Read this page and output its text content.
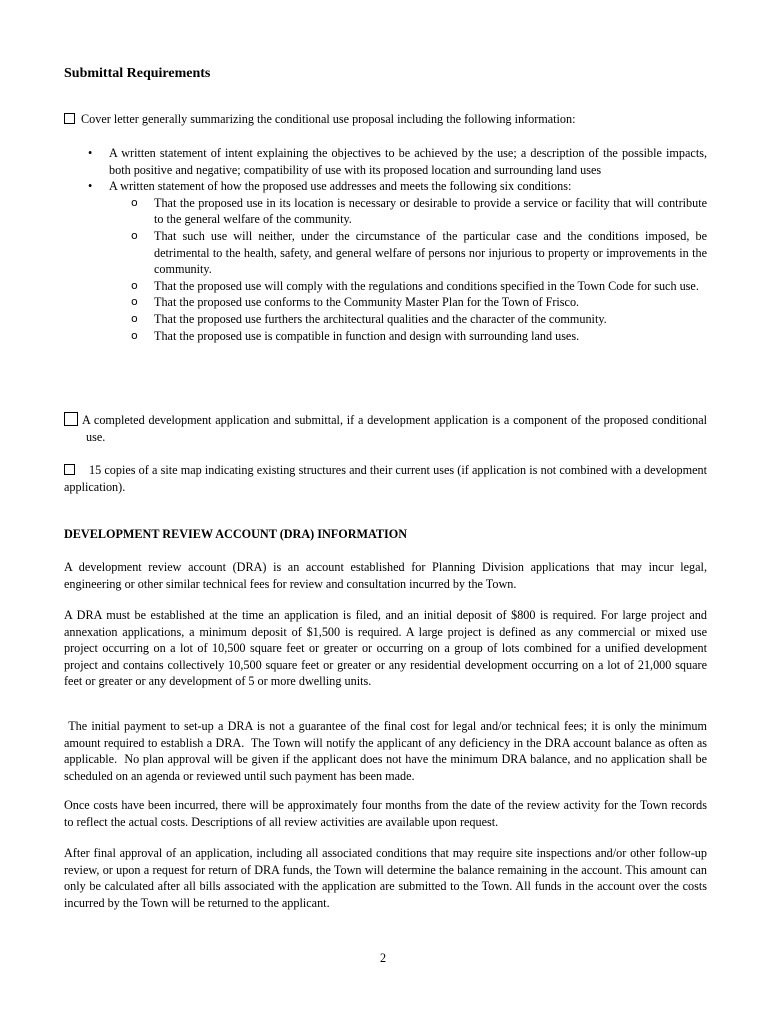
Submittal Requirements

Cover letter generally summarizing the conditional use proposal including the following information:

• A written statement of intent explaining the objectives to be achieved by the use; a description of the possible impacts, both positive and negative; compatibility of use with its proposed location and surrounding land uses
• A written statement of how the proposed use addresses and meets the following six conditions:
o That the proposed use in its location is necessary or desirable to provide a service or facility that will contribute to the general welfare of the community.
o That such use will neither, under the circumstance of the particular case and the conditions imposed, be detrimental to the health, safety, and general welfare of persons nor injurious to property or improvements in the community.
o That the proposed use will comply with the regulations and conditions specified in the Town Code for such use.
o That the proposed use conforms to the Community Master Plan for the Town of Frisco.
o That the proposed use furthers the architectural qualities and the character of the community.
o That the proposed use is compatible in function and design with surrounding land uses.

A completed development application and submittal, if a development application is a component of the proposed conditional use.

15 copies of a site map indicating existing structures and their current uses (if application is not combined with a development application).

DEVELOPMENT REVIEW ACCOUNT (DRA) INFORMATION

A development review account (DRA) is an account established for Planning Division applications that may incur legal, engineering or other similar technical fees for review and consultation incurred by the Town.

A DRA must be established at the time an application is filed, and an initial deposit of $800 is required. For large project and annexation applications, a minimum deposit of $1,500 is required. A large project is defined as any commercial or mixed use project occurring on a lot of 10,500 square feet or greater or occurring on a group of lots combined for a unified development project and contains collectively 10,500 square feet or greater or any residential development occurring on a lot of 21,000 square feet or greater or any development of 5 or more dwelling units.

The initial payment to set-up a DRA is not a guarantee of the final cost for legal and/or technical fees; it is only the minimum amount required to establish a DRA.  The Town will notify the applicant of any deficiency in the DRA account balance as often as applicable.  No plan approval will be given if the applicant does not have the minimum DRA balance, and no application shall be scheduled on an agenda or reviewed until such payment has been made.

Once costs have been incurred, there will be approximately four months from the date of the review activity for the Town records to reflect the actual costs. Descriptions of all review activities are available upon request.

After final approval of an application, including all associated conditions that may require site inspections and/or other follow-up review, or upon a request for return of DRA funds, the Town will determine the balance remaining in the account. This amount can only be calculated after all bills associated with the application are submitted to the Town. All funds in the account over the costs incurred by the Town will be returned to the applicant.

2
